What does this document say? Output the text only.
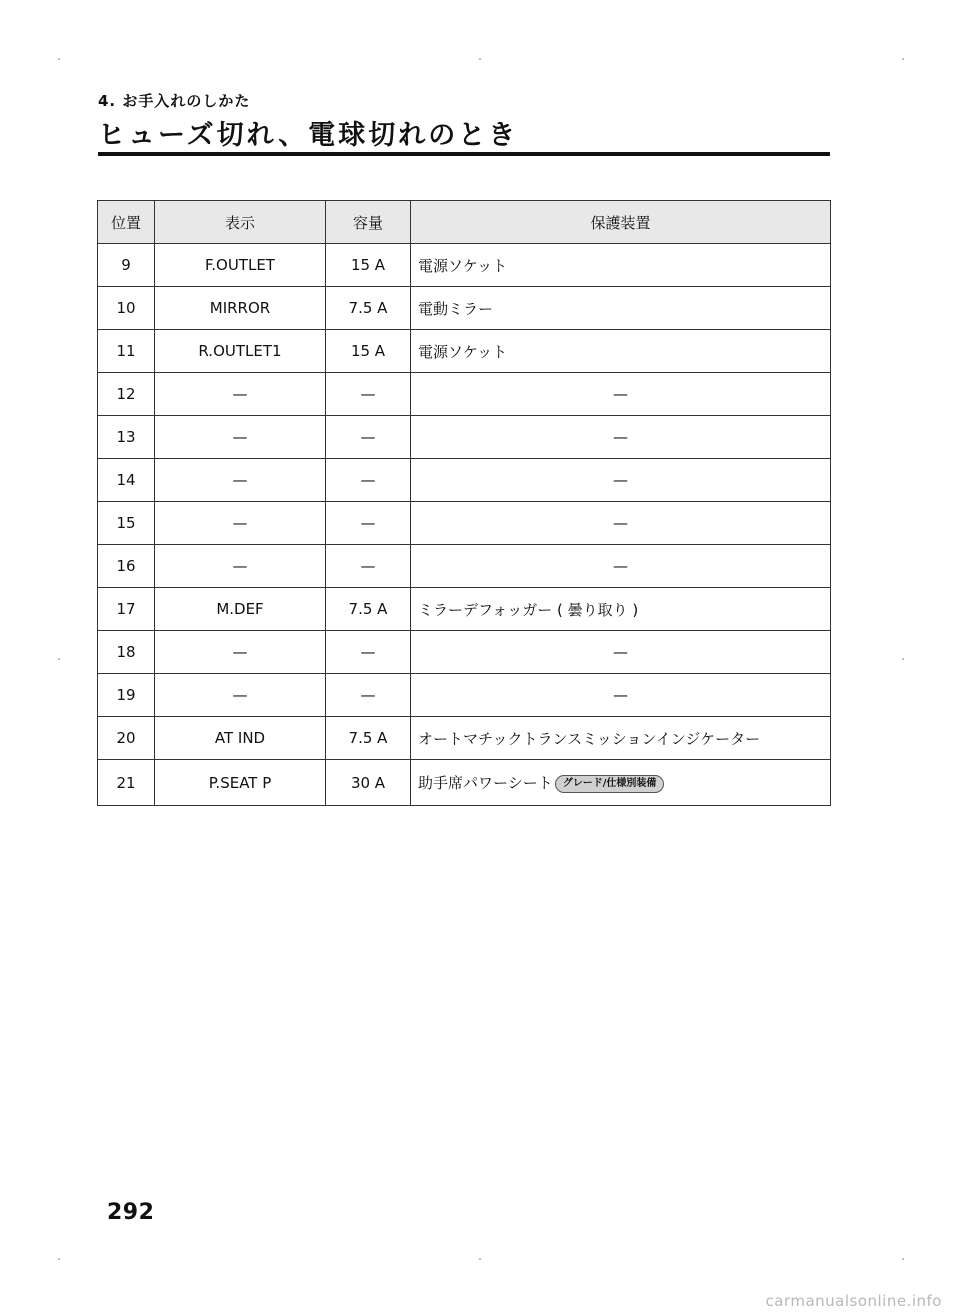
4. お手入れのしかた
ヒューズ切れ、電球切れのとき
位置	表示	容量	保護装置
9	F.OUTLET	15 A	電源ソケット
10	MIRROR	7.5 A	電動ミラー
11	R.OUTLET1	15 A	電源ソケット
12	—	—	—
13	—	—	—
14	—	—	—
15	—	—	—
16	—	—	—
17	M.DEF	7.5 A	ミラーデフォッガー ( 曇り取り )
18	—	—	—
19	—	—	—
20	AT IND	7.5 A	オートマチックトランスミッションインジケーター
21	P.SEAT P	30 A	助手席パワーシート グレード/仕様別装備
292
carmanualsonline.info
